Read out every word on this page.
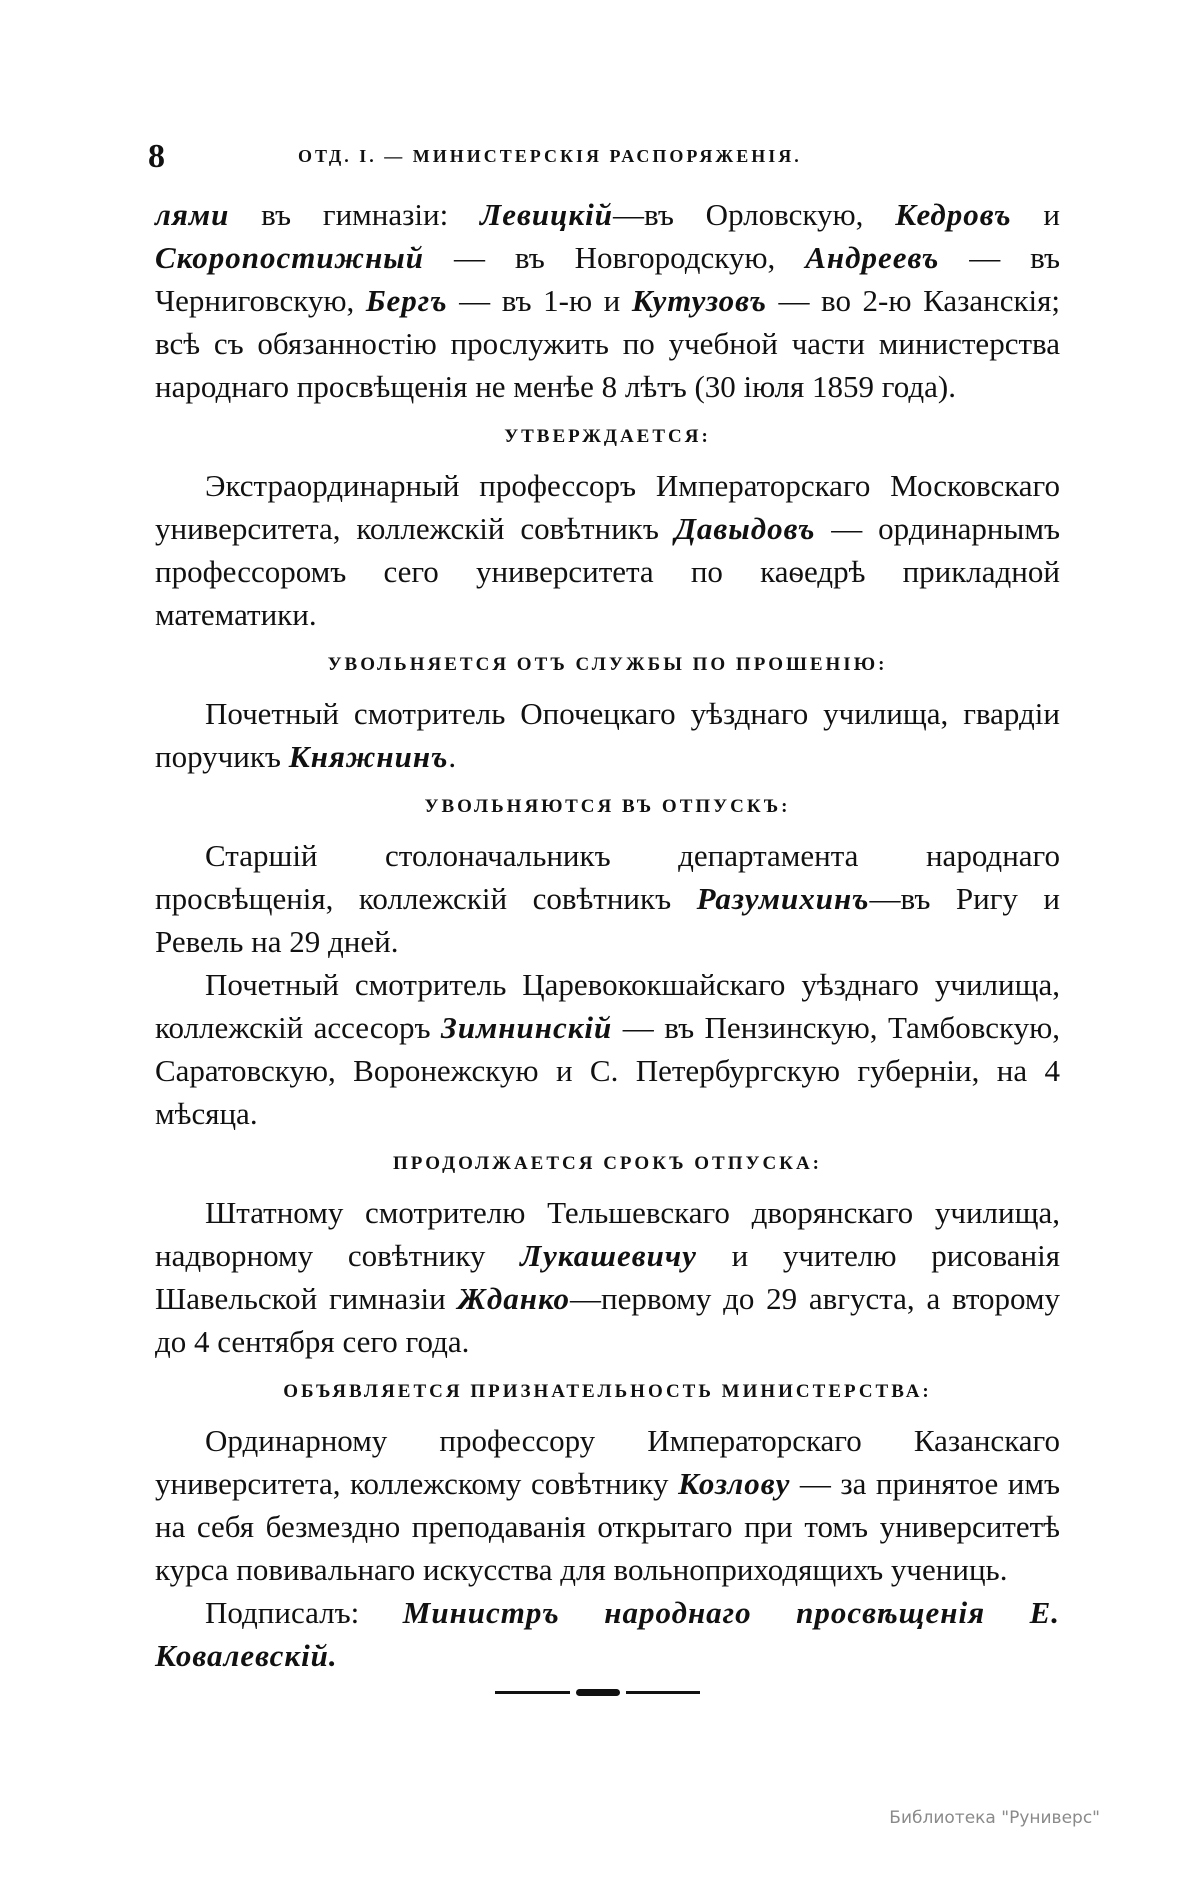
8	ОТД. I. — МИНИСТЕРСКІЯ РАСПОРЯЖЕНІЯ.

лями въ гимназіи: Левицкій—въ Орловскую, Кедровъ и Скоропостижный — въ Новгородскую, Андреевъ — въ Черниговскую, Бергъ — въ 1-ю и Кутузовъ — во 2-ю Казанскія; всѣ съ обязанностію прослужить по учебной части министерства народнаго просвѣщенія не менѣе 8 лѣтъ (30 іюля 1859 года).

УТВЕРЖДАЕТСЯ:

Экстраординарный профессоръ Императорскаго Московскаго университета, коллежскій совѣтникъ Давыдовъ — ординарнымъ профессоромъ сего университета по каѳедрѣ прикладной математики.

УВОЛЬНЯЕТСЯ ОТЪ СЛУЖБЫ ПО ПРОШЕНІЮ:

Почетный смотритель Опочецкаго уѣзднаго училища, гвардіи поручикъ Княжнинъ.

УВОЛЬНЯЮТСЯ ВЪ ОТПУСКЪ:

Старшій столоначальникъ департамента народнаго просвѣщенія, коллежскій совѣтникъ Разумихинъ—въ Ригу и Ревель на 29 дней.

Почетный смотритель Царевококшайскаго уѣзднаго училища, коллежскій ассесоръ Зимнинскій — въ Пензинскую, Тамбовскую, Саратовскую, Воронежскую и С. Петербургскую губерніи, на 4 мѣсяца.

ПРОДОЛЖАЕТСЯ СРОКЪ ОТПУСКА:

Штатному смотрителю Тельшевскаго дворянскаго училища, надворному совѣтнику Лукашевичу и учителю рисованія Шавельской гимназіи Жданко—первому до 29 августа, а второму до 4 сентября сего года.

ОБЪЯВЛЯЕТСЯ ПРИЗНАТЕЛЬНОСТЬ МИНИСТЕРСТВА:

Ординарному профессору Императорскаго Казанскаго университета, коллежскому совѣтнику Козлову — за принятое имъ на себя безмездно преподаванія открытаго при томъ университетѣ курса повивальнаго искусства для вольноприходящихъ учениць.

Подписалъ: Министръ народнаго просвѣщенія Е. Ковалевскій.

Библиотека "Руниверс"
